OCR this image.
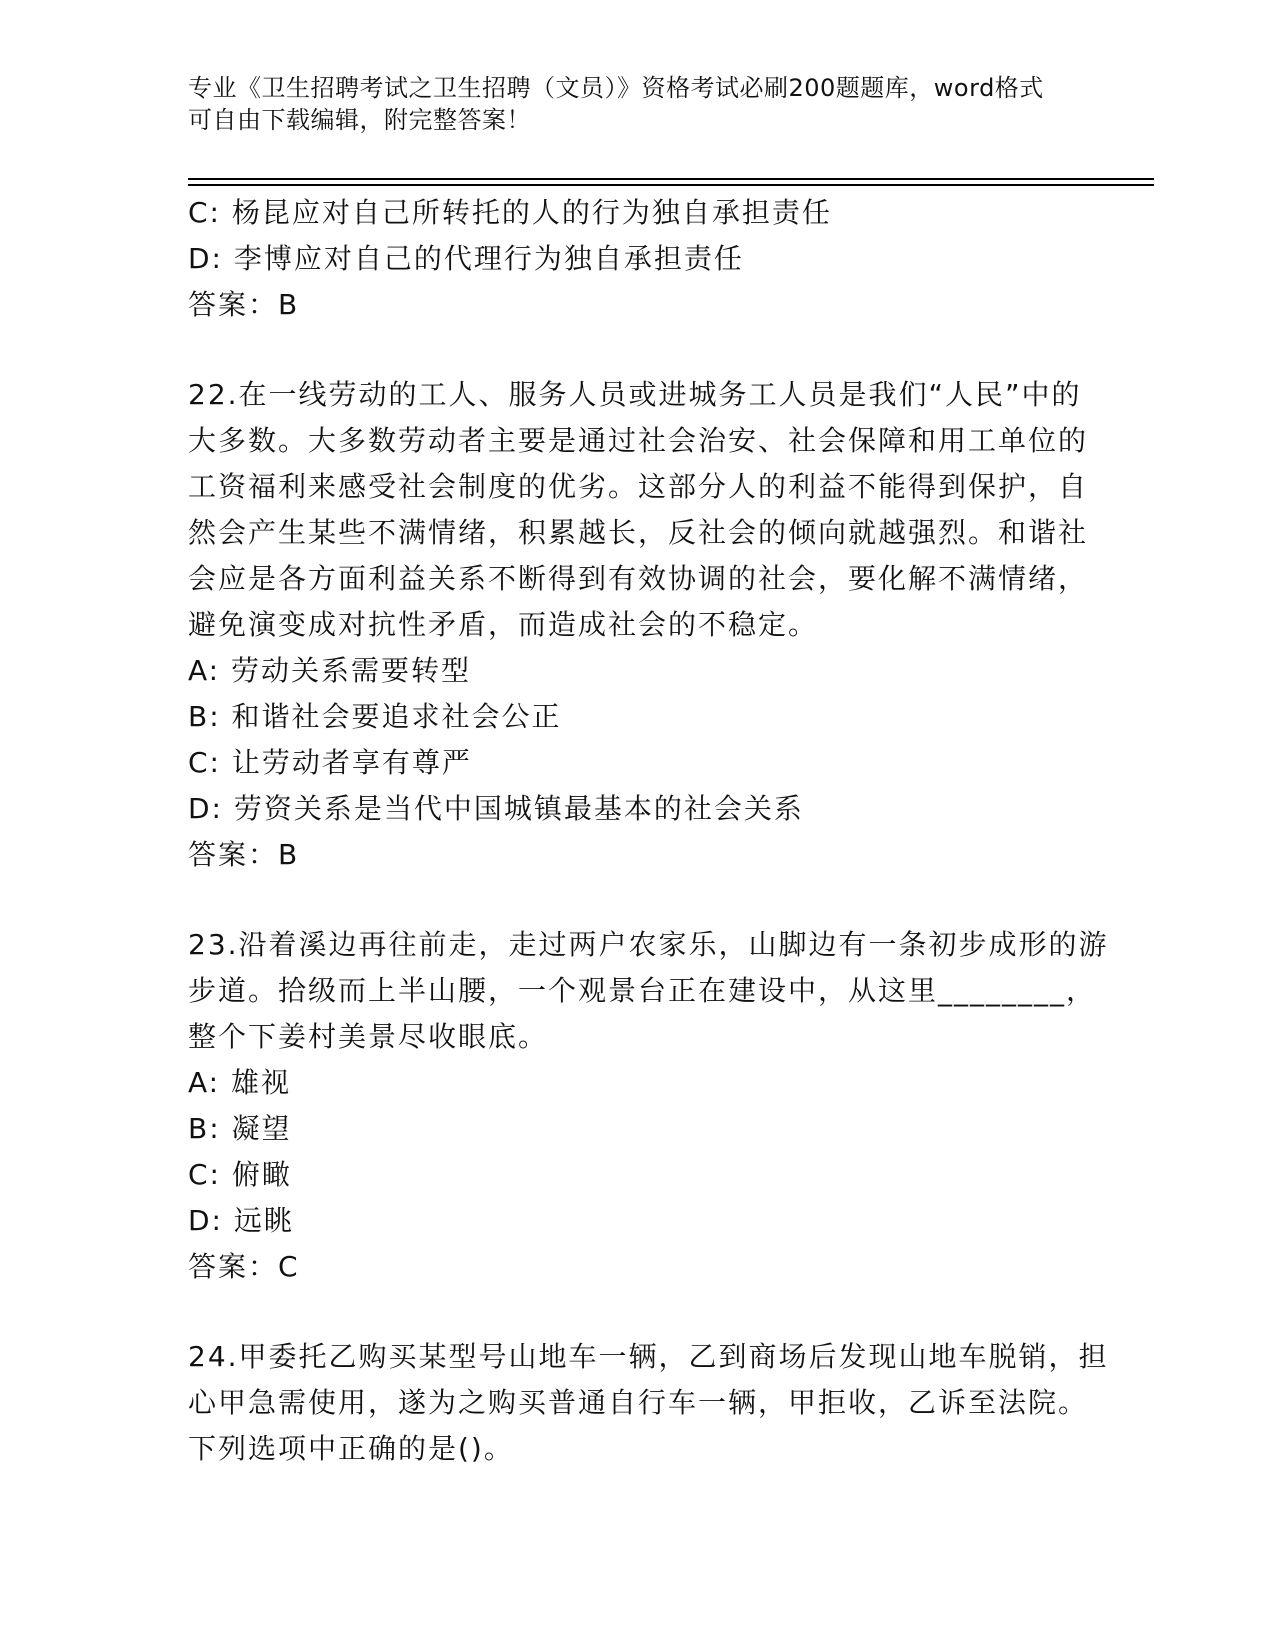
专业《卫生招聘考试之卫生招聘（文员）》资格考试必刷200题题库，word格式
可自由下载编辑，附完整答案！
C: 杨昆应对自己所转托的人的行为独自承担责任
D: 李博应对自己的代理行为独自承担责任
答案：B
22.在一线劳动的工人、服务人员或进城务工人员是我们“人民”中的
大多数。大多数劳动者主要是通过社会治安、社会保障和用工单位的
工资福利来感受社会制度的优劣。这部分人的利益不能得到保护，自
然会产生某些不满情绪，积累越长，反社会的倾向就越强烈。和谐社
会应是各方面利益关系不断得到有效协调的社会，要化解不满情绪，
避免演变成对抗性矛盾，而造成社会的不稳定。
A: 劳动关系需要转型
B: 和谐社会要追求社会公正
C: 让劳动者享有尊严
D: 劳资关系是当代中国城镇最基本的社会关系
答案：B
23.沿着溪边再往前走，走过两户农家乐，山脚边有一条初步成形的游
步道。拾级而上半山腰，一个观景台正在建设中，从这里________，
整个下姜村美景尽收眼底。
A: 雄视
B: 凝望
C: 俯瞰
D: 远眺
答案：C
24.甲委托乙购买某型号山地车一辆，乙到商场后发现山地车脱销，担
心甲急需使用，遂为之购买普通自行车一辆，甲拒收，乙诉至法院。
下列选项中正确的是()。
